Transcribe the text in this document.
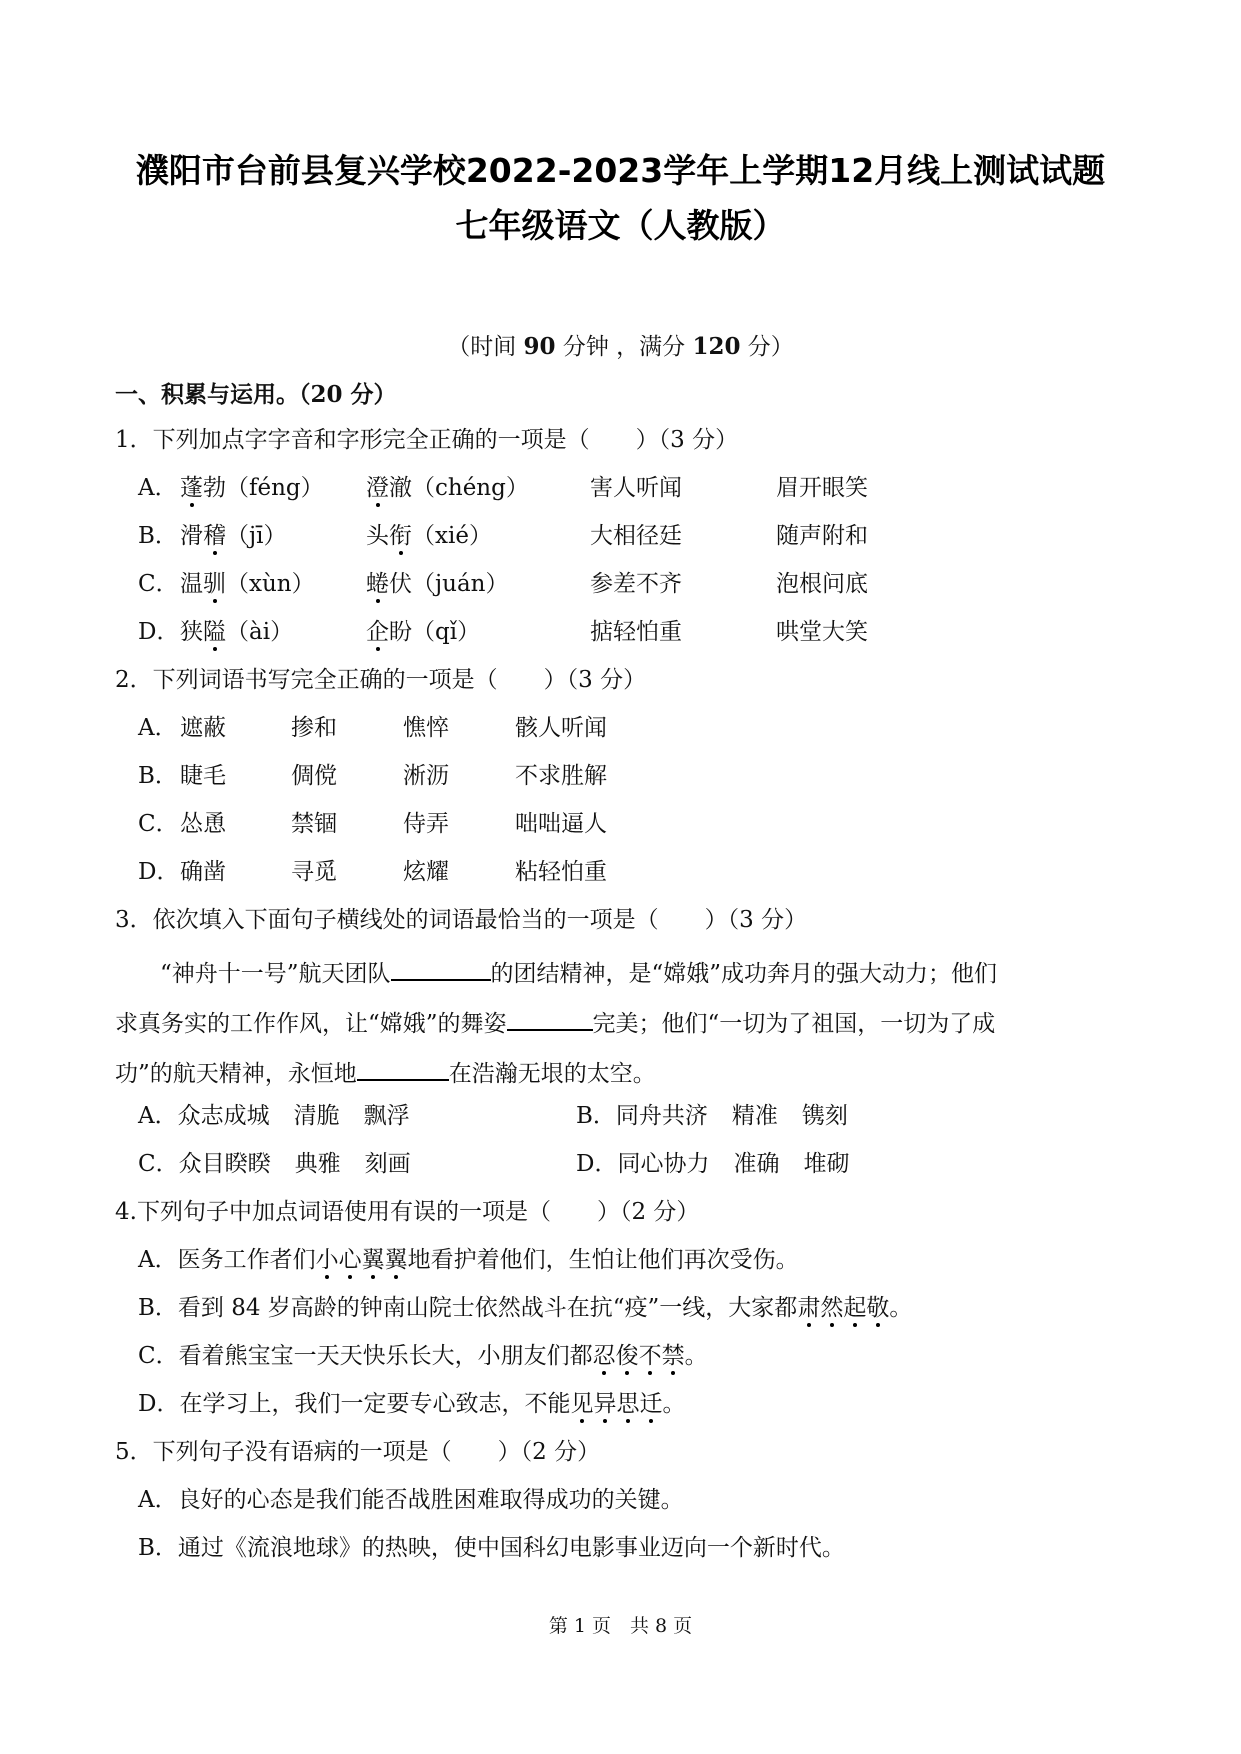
濮阳市台前县复兴学校2022-2023学年上学期12月线上测试试题
七年级语文（人教版）
（时间 90 分钟 ，满分 120 分）
一、积累与运用。（20 分）
1．下列加点字字音和字形完全正确的一项是（　　）（3 分）
A． 蓬勃（féng） 澄澈（chéng）	害人听闻	眉开眼笑
B． 滑稽（jī）	头衔（xié）	大相径廷	随声附和
C． 温驯（xùn） 蜷伏（juán）	参差不齐	泡根问底
D． 狭隘（ài）	企盼（qǐ）	掂轻怕重	哄堂大笑
2．下列词语书写完全正确的一项是（　　）（3 分）
A． 遮蔽	掺和	憔悴	骸人听闻
B． 睫毛	倜傥	淅沥	不求胜解
C． 怂恿	禁锢	侍弄	咄咄逼人
D． 确凿	寻觅	炫耀	粘轻怕重
3．依次填入下面句子横线处的词语最恰当的一项是（　　）（3 分）
“神舟十一号”航天团队	的团结精神，是“嫦娥”成功奔月的强大动力；他们
求真务实的工作作风，让“嫦娥”的舞姿	完美；他们“一切为了祖国，一切为了成
功”的航天精神，永恒地	在浩瀚无垠的太空。
A．众志成城 清脆 飘浮	B．同舟共济 精准 镌刻
C．众目睽睽 典雅 刻画	D．同心协力 准确 堆砌
4.下列句子中加点词语使用有误的一项是（　　）（2 分）
A．医务工作者们小心翼翼地看护着他们，生怕让他们再次受伤。
B．看到 84 岁高龄的钟南山院士依然战斗在抗“疫”一线，大家都肃然起敬。
C．看着熊宝宝一天天快乐长大，小朋友们都忍俊不禁。
D．在学习上，我们一定要专心致志，不能见异思迁。
5．下列句子没有语病的一项是（　　）（2 分）
A．良好的心态是我们能否战胜困难取得成功的关键。
B．通过《流浪地球》的热映，使中国科幻电影事业迈向一个新时代。
第 1 页　共 8 页
